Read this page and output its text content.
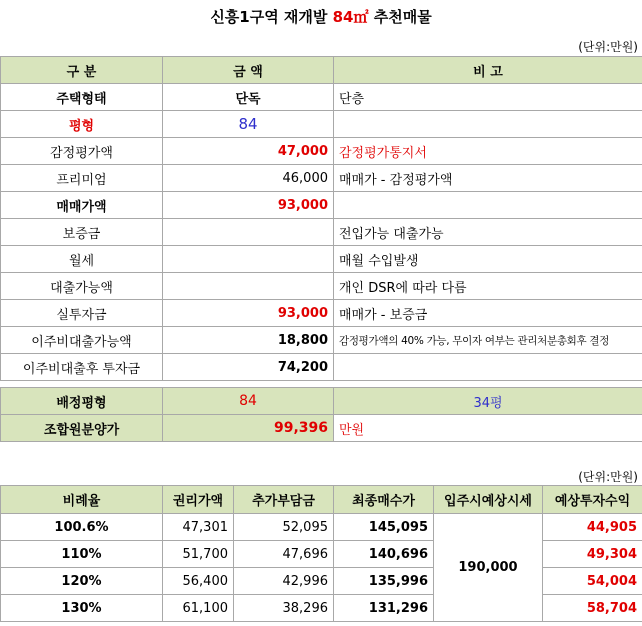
신흥1구역 재개발 84㎡ 추천매물
(단위:만원)
구 분	금 액	비 고
주택형태	단독	단층
평형	84	
감정평가액	47,000	감정평가통지서
프리미엄	46,000	매매가 - 감정평가액
매매가액	93,000	
보증금		전입가능 대출가능
월세		매월 수입발생
대출가능액		개인 DSR에 따라 다름
실투자금	93,000	매매가 - 보증금
이주비대출가능액	18,800	감정평가액의 40% 가능, 무이자 여부는 관리처분총회후 결정
이주비대출후 투자금	74,200	

배정평형	84	34평
조합원분양가	99,396	만원
(단위:만원)
비례율	권리가액	추가부담금	최종매수가	입주시예상시세	예상투자수익
100.6%	47,301	52,095	145,095	190,000	44,905
110%	51,700	47,696	140,696		49,304
120%	56,400	42,996	135,996		54,004
130%	61,100	38,296	131,296		58,704
